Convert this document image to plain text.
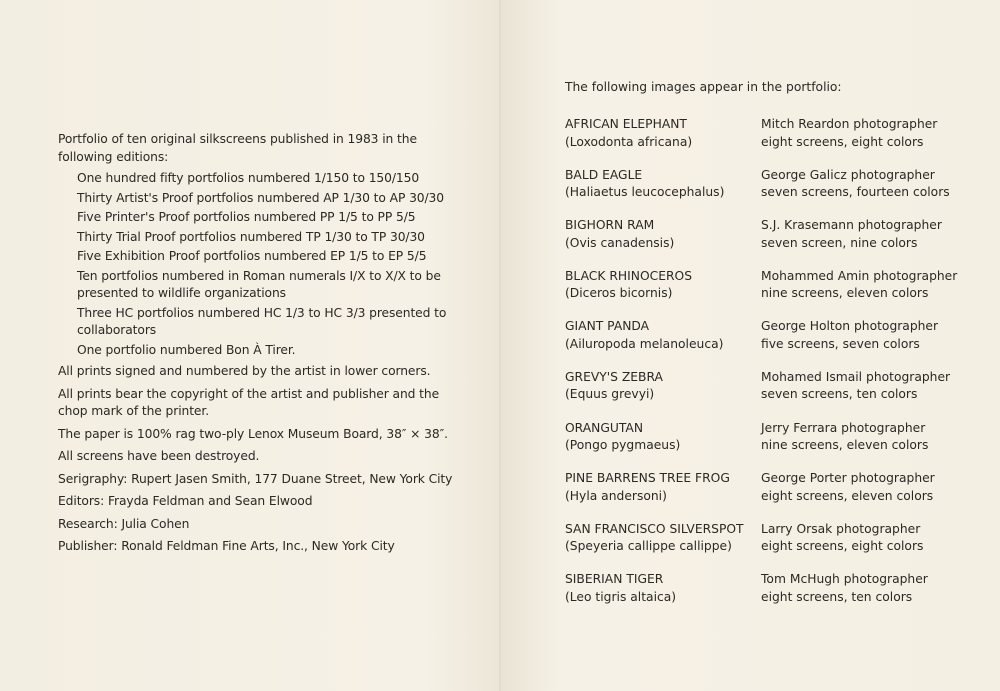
Portfolio of ten original silkscreens published in 1983 in the following editions:

One hundred fifty portfolios numbered 1/150 to 150/150
Thirty Artist's Proof portfolios numbered AP 1/30 to AP 30/30
Five Printer's Proof portfolios numbered PP 1/5 to PP 5/5
Thirty Trial Proof portfolios numbered TP 1/30 to TP 30/30
Five Exhibition Proof portfolios numbered EP 1/5 to EP 5/5
Ten portfolios numbered in Roman numerals I/X to X/X to be presented to wildlife organizations
Three HC portfolios numbered HC 1/3 to HC 3/3 presented to collaborators
One portfolio numbered Bon À Tirer.

All prints signed and numbered by the artist in lower corners.

All prints bear the copyright of the artist and publisher and the chop mark of the printer.

The paper is 100% rag two-ply Lenox Museum Board, 38″ × 38″.

All screens have been destroyed.

Serigraphy: Rupert Jasen Smith, 177 Duane Street, New York City

Editors: Frayda Feldman and Sean Elwood

Research: Julia Cohen

Publisher: Ronald Feldman Fine Arts, Inc., New York City

The following images appear in the portfolio:

AFRICAN ELEPHANT
(Loxodonta africana)
Mitch Reardon photographer
eight screens, eight colors
BALD EAGLE
(Haliaetus leucocephalus)
George Galicz photographer
seven screens, fourteen colors
BIGHORN RAM
(Ovis canadensis)
S.J. Krasemann photographer
seven screen, nine colors
BLACK RHINOCEROS
(Diceros bicornis)
Mohammed Amin photographer
nine screens, eleven colors
GIANT PANDA
(Ailuropoda melanoleuca)
George Holton photographer
five screens, seven colors
GREVY'S ZEBRA
(Equus grevyi)
Mohamed Ismail photographer
seven screens, ten colors
ORANGUTAN
(Pongo pygmaeus)
Jerry Ferrara photographer
nine screens, eleven colors
PINE BARRENS TREE FROG
(Hyla andersoni)
George Porter photographer
eight screens, eleven colors
SAN FRANCISCO SILVERSPOT
(Speyeria callippe callippe)
Larry Orsak photographer
eight screens, eight colors
SIBERIAN TIGER
(Leo tigris altaica)
Tom McHugh photographer
eight screens, ten colors
